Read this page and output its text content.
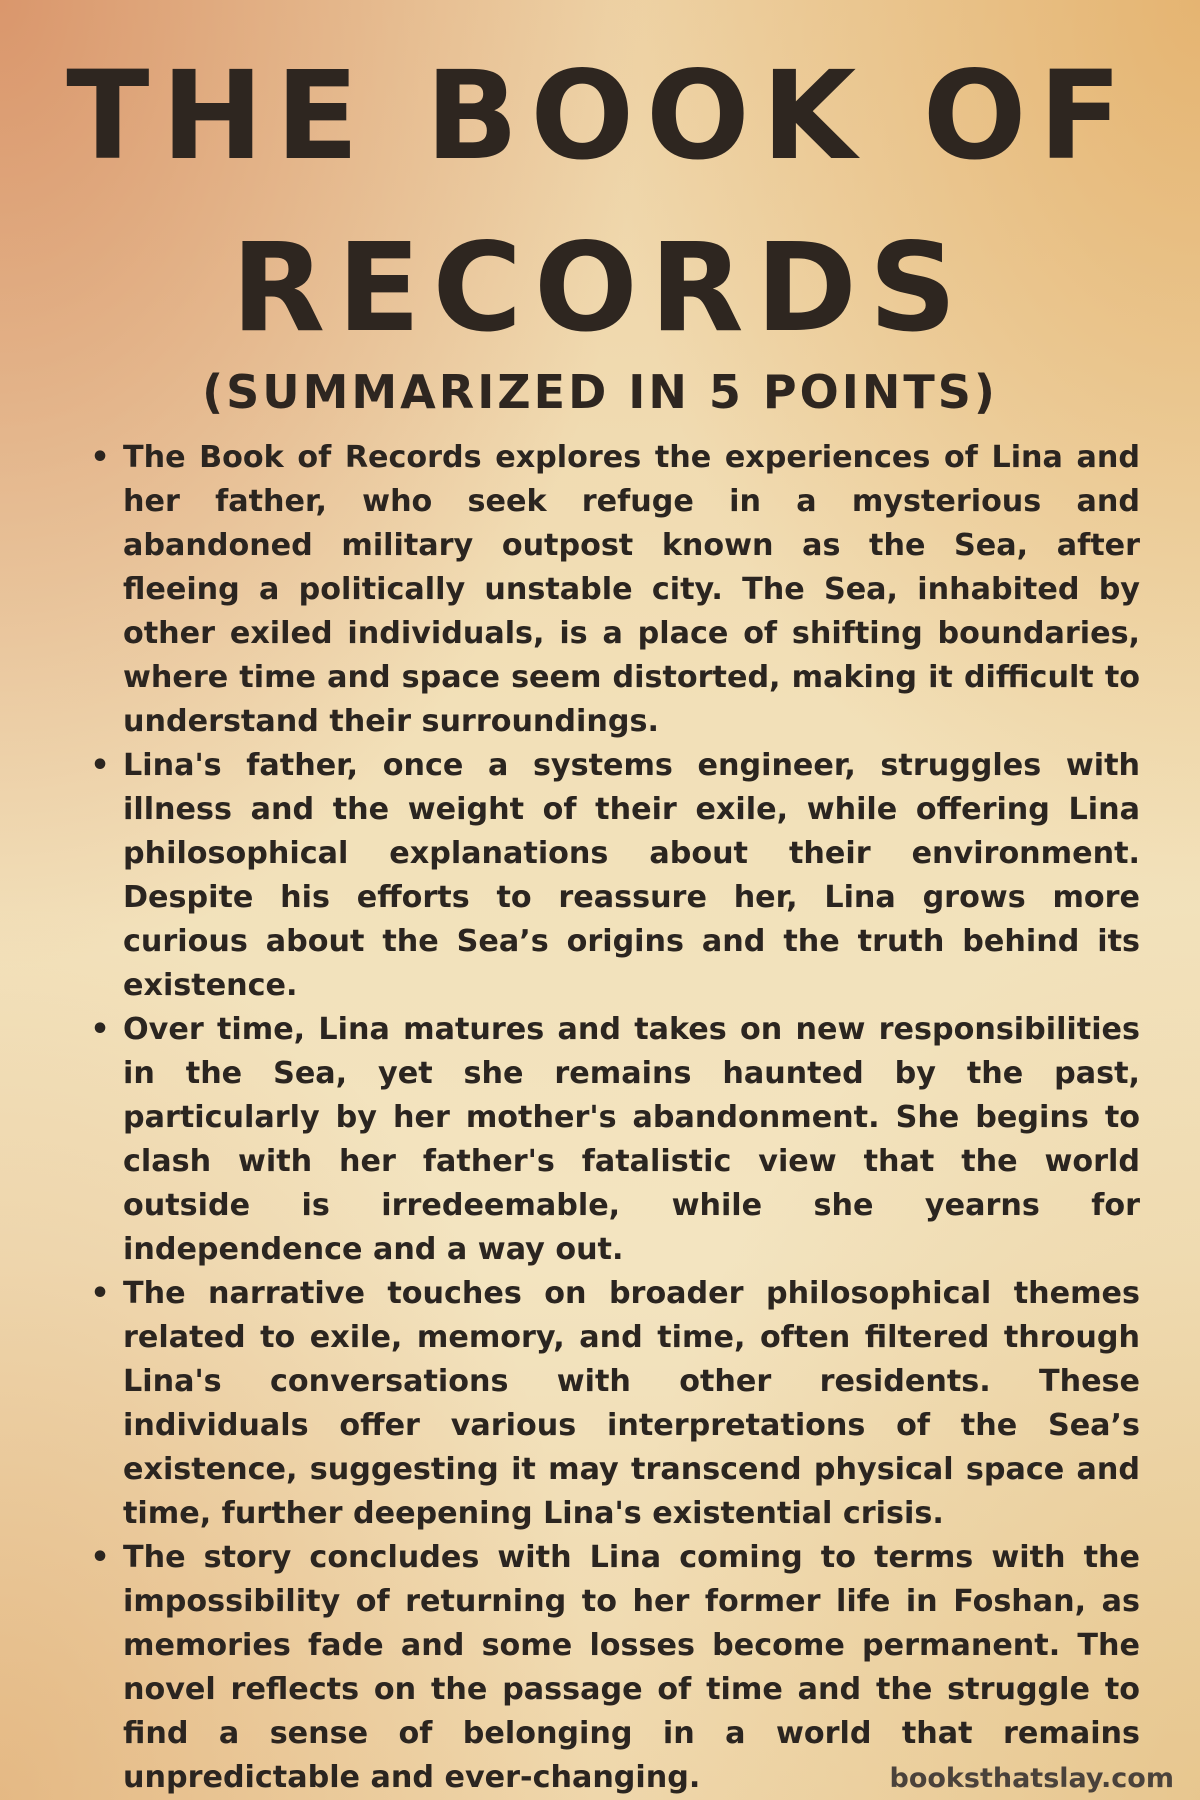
THE BOOK OF
RECORDS
(SUMMARIZED IN 5 POINTS)
• The Book of Records explores the experiences of Lina and her father, who seek refuge in a mysterious and abandoned military outpost known as the Sea, after fleeing a politically unstable city. The Sea, inhabited by other exiled individuals, is a place of shifting boundaries, where time and space seem distorted, making it difficult to understand their surroundings.
• Lina's father, once a systems engineer, struggles with illness and the weight of their exile, while offering Lina philosophical explanations about their environment. Despite his efforts to reassure her, Lina grows more curious about the Sea’s origins and the truth behind its existence.
• Over time, Lina matures and takes on new responsibilities in the Sea, yet she remains haunted by the past, particularly by her mother's abandonment. She begins to clash with her father's fatalistic view that the world outside is irredeemable, while she yearns for independence and a way out.
• The narrative touches on broader philosophical themes related to exile, memory, and time, often filtered through Lina's conversations with other residents. These individuals offer various interpretations of the Sea’s existence, suggesting it may transcend physical space and time, further deepening Lina's existential crisis.
• The story concludes with Lina coming to terms with the impossibility of returning to her former life in Foshan, as memories fade and some losses become permanent. The novel reflects on the passage of time and the struggle to find a sense of belonging in a world that remains unpredictable and ever-changing.	booksthatslay.com
